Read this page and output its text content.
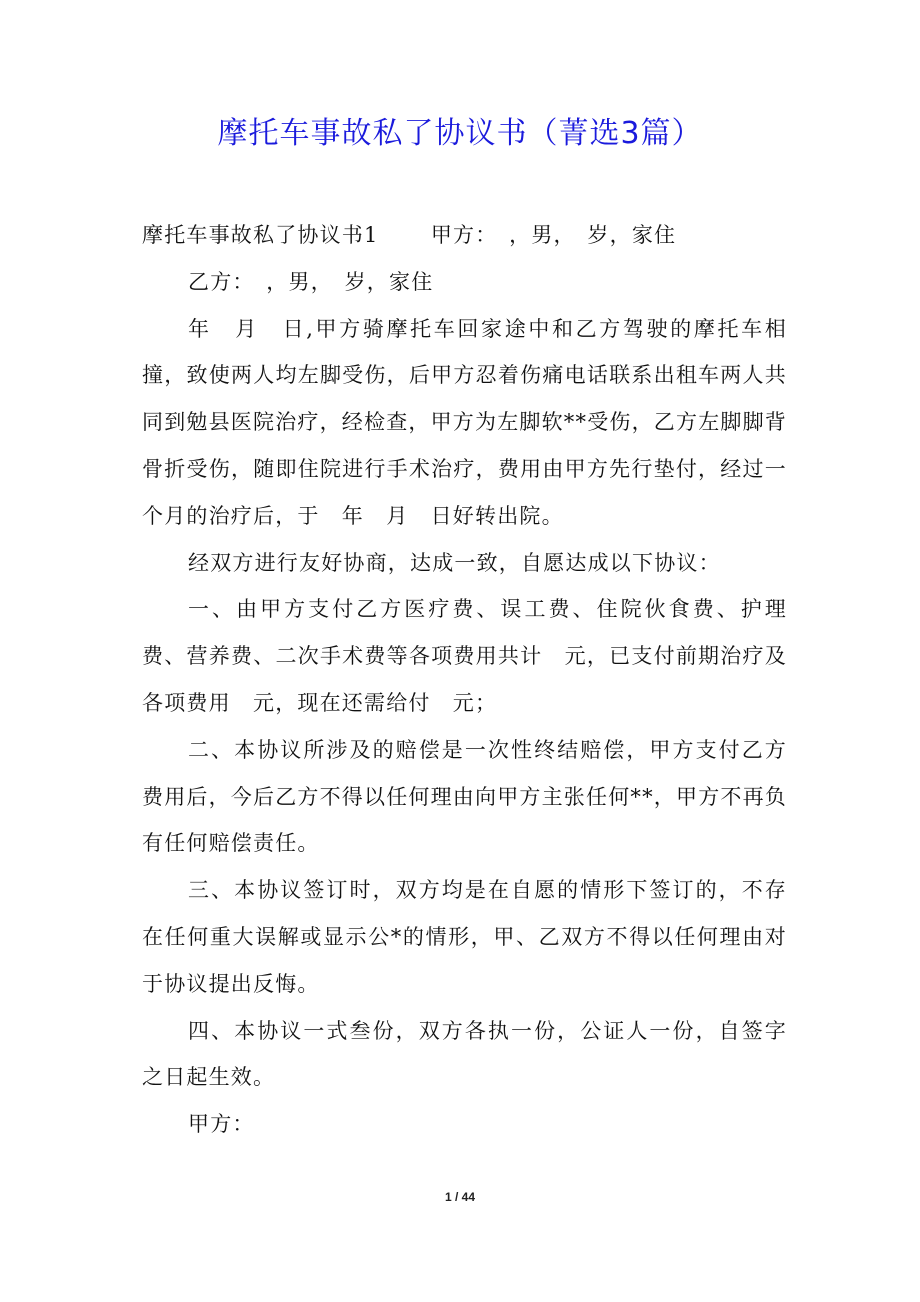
摩托车事故私了协议书（菁选3篇）

摩托车事故私了协议书1　　 甲方：　，男，　岁，家住

乙方：　，男，　岁，家住

年　月　日,甲方骑摩托车回家途中和乙方驾驶的摩托车相撞，致使两人均左脚受伤，后甲方忍着伤痛电话联系出租车两人共同到勉县医院治疗，经检查，甲方为左脚软**受伤，乙方左脚脚背骨折受伤，随即住院进行手术治疗，费用由甲方先行垫付，经过一个月的治疗后，于　年　月　日好转出院。

经双方进行友好协商，达成一致，自愿达成以下协议：

一、由甲方支付乙方医疗费、误工费、住院伙食费、护理费、营养费、二次手术费等各项费用共计　元，已支付前期治疗及各项费用　元，现在还需给付　元；

二、本协议所涉及的赔偿是一次性终结赔偿，甲方支付乙方费用后，今后乙方不得以任何理由向甲方主张任何**，甲方不再负有任何赔偿责任。

三、本协议签订时，双方均是在自愿的情形下签订的，不存在任何重大误解或显示公*的情形，甲、乙双方不得以任何理由对于协议提出反悔。

四、本协议一式叁份，双方各执一份，公证人一份，自签字之日起生效。

甲方：

1 / 44
